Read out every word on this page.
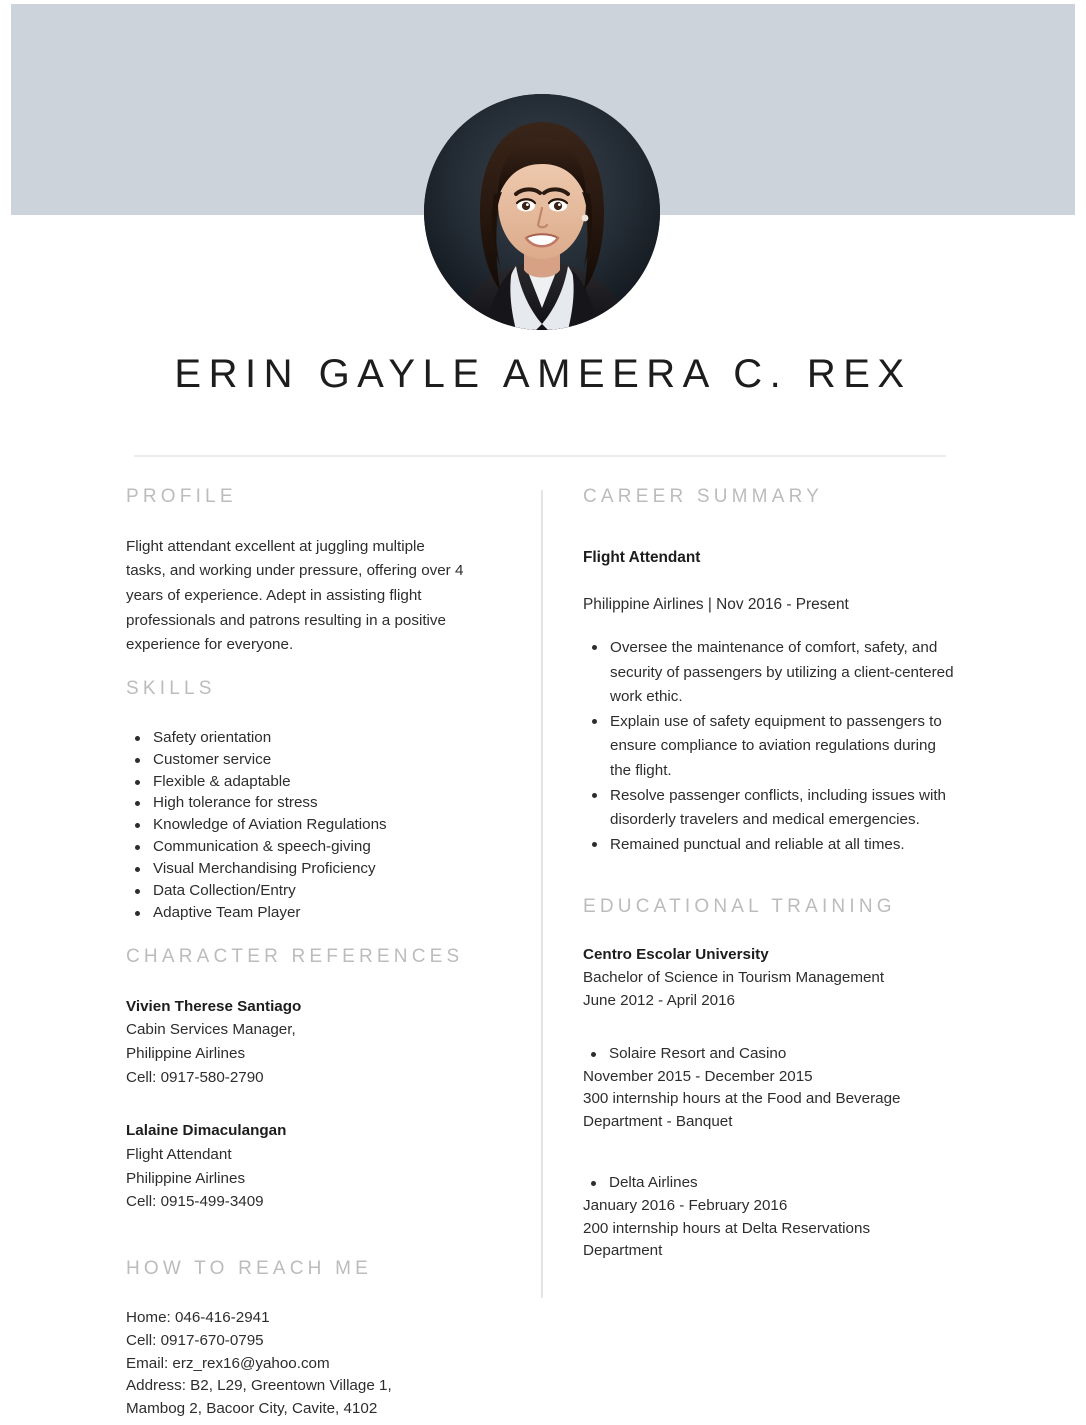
ERIN GAYLE AMEERA C. REX
PROFILE

Flight attendant excellent at juggling multiple tasks, and working under pressure, offering over 4 years of experience. Adept in assisting flight professionals and patrons resulting in a positive experience for everyone.

SKILLS
Safety orientation
Customer service
Flexible & adaptable
High tolerance for stress
Knowledge of Aviation Regulations
Communication & speech-giving
Visual Merchandising Proficiency
Data Collection/Entry
Adaptive Team Player
CHARACTER REFERENCES
Vivien Therese Santiago
Cabin Services Manager,
Philippine Airlines
Cell: 0917-580-2790
Lalaine Dimaculangan
Flight Attendant
Philippine Airlines
Cell: 0915-499-3409
HOW TO REACH ME
Home: 046-416-2941
Cell: 0917-670-0795
Email: erz_rex16@yahoo.com
Address: B2, L29, Greentown Village 1,
Mambog 2, Bacoor City, Cavite, 4102
CAREER SUMMARY
Flight Attendant
Philippine Airlines | Nov 2016 - Present
Oversee the maintenance of comfort, safety, and security of passengers by utilizing a client-centered work ethic.
Explain use of safety equipment to passengers to ensure compliance to aviation regulations during the flight.
Resolve passenger conflicts, including issues with disorderly travelers and medical emergencies.
Remained punctual and reliable at all times.
EDUCATIONAL TRAINING
Centro Escolar University
Bachelor of Science in Tourism Management
June 2012 - April 2016
Solaire Resort and Casino
November 2015 - December 2015
300 internship hours at the Food and Beverage
Department - Banquet
Delta Airlines
January 2016 - February 2016
200 internship hours at Delta Reservations
Department
